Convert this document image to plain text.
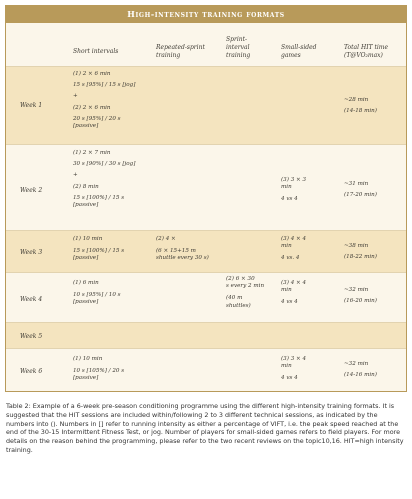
High-intensity training formats
Short intervals
Repeated-sprint
training
Sprint-
interval
training
Small-sided
games
Total HIT time
(T@VO₂max)
Week 1
(1) 2 × 6 min
15 s [95%] / 15 s [jog]
+
(2) 2 × 6 min
20 s [95%] / 20 s
[passive]
~28 min
(14-18 min)
Week 2
(1) 2 × 7 min
30 s [90%] / 30 s [jog]
+
(2) 8 min
15 s [100%] / 15 s
[passive]
(3) 3 × 3
min
4 vs 4
~31 min
(17-20 min)
Week 3
(1) 10 min
15 s [100%] / 15 s
[passive]
(2) 4 ×
(6 × 15+15 m
shuttle every 30 s)
(3) 4 × 4
min
4 vs. 4
~38 min
(18-22 min)
Week 4
(1) 6 min
10 s [95%] / 10 s
[passive]
(2) 6 × 30
s every 2 min
(40 m
shuttles)
(3) 4 × 4
min
4 vs 4
~32 min
(16-20 min)
Week 5
Week 6
(1) 10 min
10 s [105%] / 20 s
[passive]
(3) 3 × 4
min
4 vs 4
~32 min
(14-16 min)
Table 2: Example of a 6-week pre-season conditioning programme using the different high-intensity training formats. It is suggested that the HIT sessions are included within/following 2 to 3 different technical sessions, as indicated by the numbers into (). Numbers in [] refer to running intensity as either a percentage of VIFT, i.e. the peak speed reached at the end of the 30-15 Intermittent Fitness Test, or jog. Number of players for small-sided games refers to field players. For more details on the reason behind the programming, please refer to the two recent reviews on the topic10,16. HIT=high intensity training.
